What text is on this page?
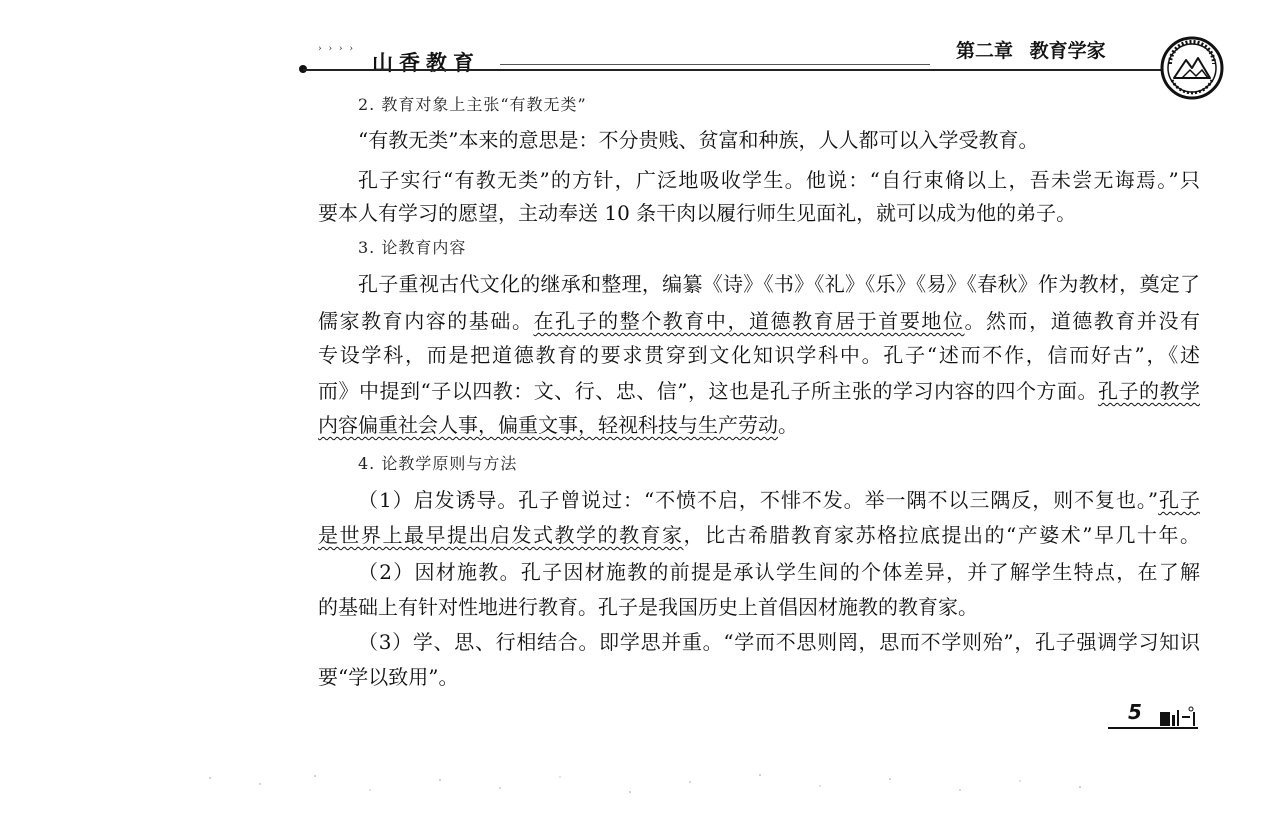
› › › ›
山香教育	第二章 教育学家
2. 教育对象上主张“有教无类”
“有教无类”本来的意思是：不分贵贱、贫富和种族，人人都可以入学受教育。
孔子实行“有教无类”的方针，广泛地吸收学生。他说：“自行束脩以上，吾未尝无诲焉。”只
要本人有学习的愿望，主动奉送 10 条干肉以履行师生见面礼，就可以成为他的弟子。
3. 论教育内容
孔子重视古代文化的继承和整理，编纂《诗》《书》《礼》《乐》《易》《春秋》作为教材，奠定了
儒家教育内容的基础。在孔子的整个教育中，道德教育居于首要地位。然而，道德教育并没有
专设学科，而是把道德教育的要求贯穿到文化知识学科中。孔子“述而不作，信而好古”，《述
而》中提到“子以四教：文、行、忠、信”，这也是孔子所主张的学习内容的四个方面。孔子的教学
内容偏重社会人事，偏重文事，轻视科技与生产劳动。
4. 论教学原则与方法
（1）启发诱导。孔子曾说过：“不愤不启，不悱不发。举一隅不以三隅反，则不复也。”孔子
是世界上最早提出启发式教学的教育家，比古希腊教育家苏格拉底提出的“产婆术”早几十年。
（2）因材施教。孔子因材施教的前提是承认学生间的个体差异，并了解学生特点，在了解
的基础上有针对性地进行教育。孔子是我国历史上首倡因材施教的教育家。
（3）学、思、行相结合。即学思并重。“学而不思则罔，思而不学则殆”，孔子强调学习知识
要“学以致用”。
5
